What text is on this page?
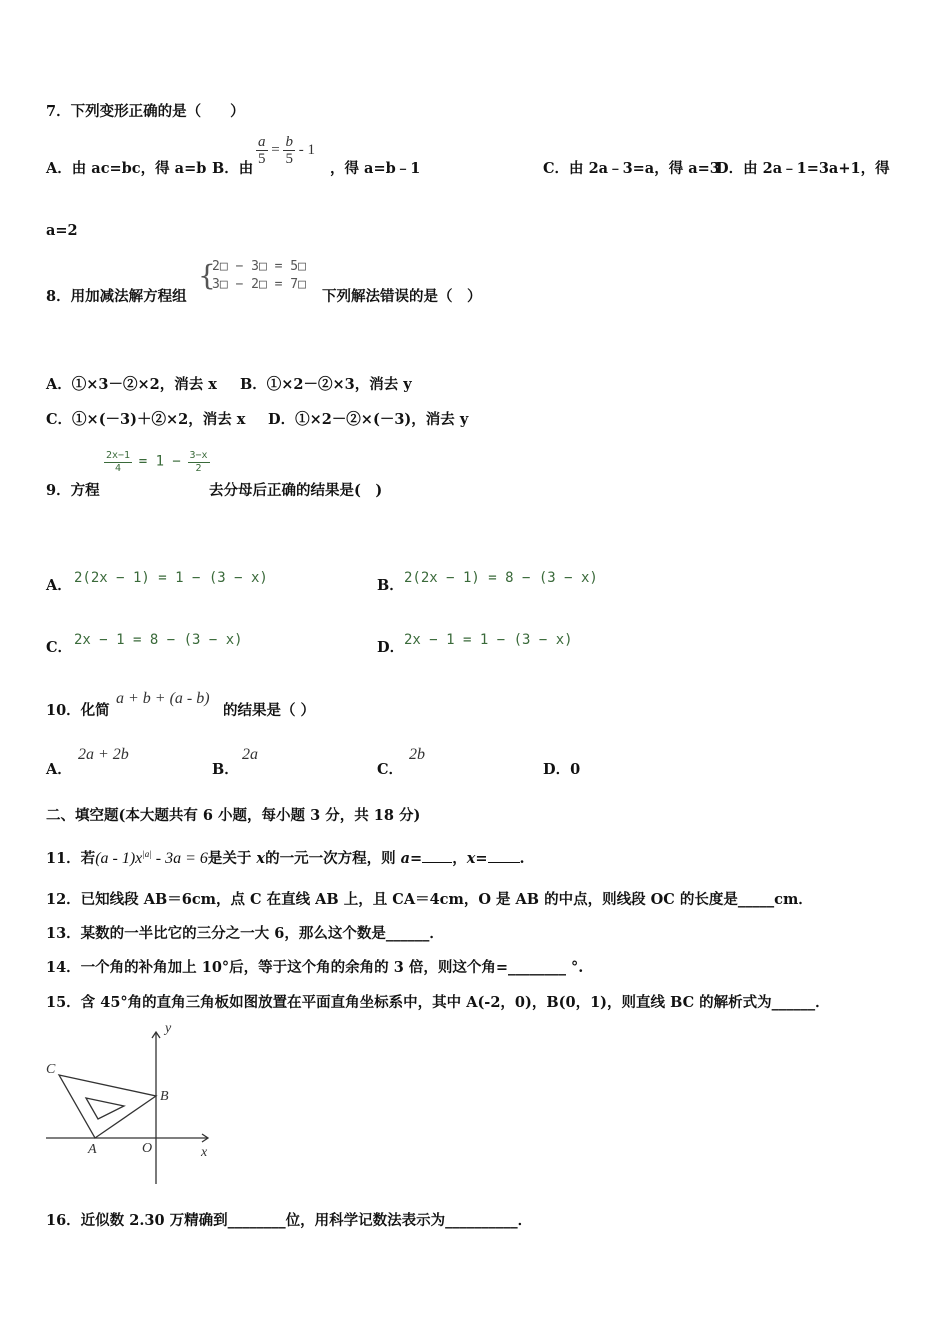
7．下列变形正确的是（　　）
A．由 ac=bc，得 a=b B．由
$\frac{a}{5} = \frac{b}{5} - 1$
，得 a=b﹣1	C．由 2a﹣3=a，得 a=3
D．由 2a﹣1=3a+1，得
a=2
8．用加减法解方程组
{
2□ − 3□ = 5□
3□ − 2□ = 7□
下列解法错误的是（　）
A．①×3－②×2，消去 x B．①×2－②×3，消去 y
C．①×(－3)＋②×2，消去 x D．①×2－②×(－3)，消去 y
9．方程
$\frac{2x-1}{4} = 1 - \frac{3-x}{2}$
去分母后正确的结果是(　)
A． 2(2x − 1) = 1 − (3 − x)	B． 2(2x − 1) = 8 − (3 − x)
C． 2x − 1 = 8 − (3 − x)	D． 2x − 1 = 1 − (3 − x)
10．化简
a + b + (a - b)
的结果是（ ）
A．
2a + 2b
B．
2a
C．
2b
D．0
二、填空题(本大题共有 6 小题，每小题 3 分，共 18 分)
11．若$(a - 1)x^{|a|} - 3a = 6$是关于 x的一元一次方程，则 a= ，x= .
12．已知线段 AB＝6cm，点 C 在直线 AB 上，且 CA＝4cm，O 是 AB 的中点，则线段 OC 的长度是_____cm．
13．某数的一半比它的三分之一大 6，那么这个数是______．
14．一个角的补角加上 10°后，等于这个角的余角的 3 倍，则这个角=________ °.
15．含 45°角的直角三角板如图放置在平面直角坐标系中，其中 A(-2，0)，B(0，1)，则直线 BC 的解析式为______．
C
B
A	O	x
y
16．近似数 2.30 万精确到________位，用科学记数法表示为__________．
